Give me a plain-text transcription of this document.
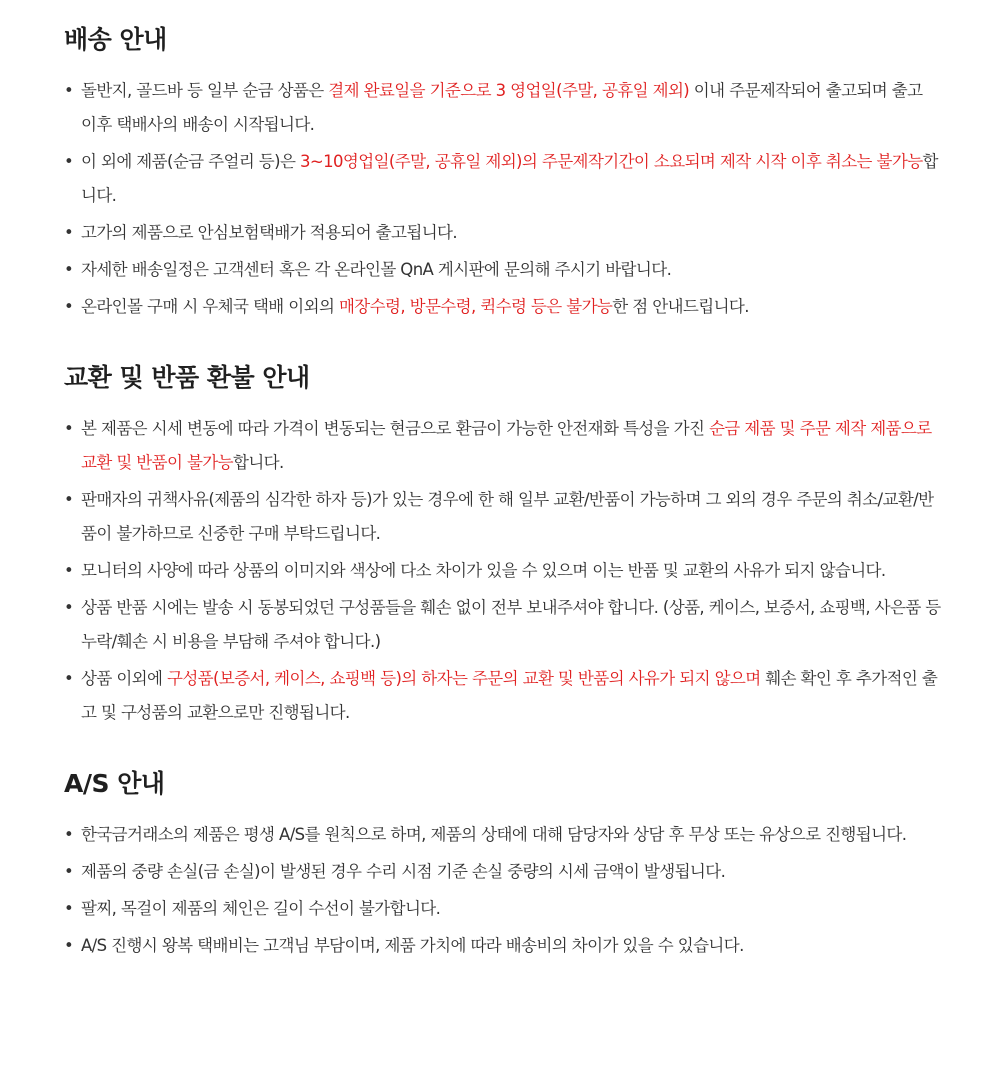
배송 안내
• 돌반지, 골드바 등 일부 순금 상품은 결제 완료일을 기준으로 3 영업일(주말, 공휴일 제외) 이내 주문제작되어 출고되며 출고 이후 택배사의 배송이 시작됩니다.
• 이 외에 제품(순금 주얼리 등)은 3~10영업일(주말, 공휴일 제외)의 주문제작기간이 소요되며 제작 시작 이후 취소는 불가능합니다.
• 고가의 제품으로 안심보험택배가 적용되어 출고됩니다.
• 자세한 배송일정은 고객센터 혹은 각 온라인몰 QnA 게시판에 문의해 주시기 바랍니다.
• 온라인몰 구매 시 우체국 택배 이외의 매장수령, 방문수령, 퀵수령 등은 불가능한 점 안내드립니다.
교환 및 반품 환불 안내
• 본 제품은 시세 변동에 따라 가격이 변동되는 현금으로 환금이 가능한 안전재화 특성을 가진 순금 제품 및 주문 제작 제품으로 교환 및 반품이 불가능합니다.
• 판매자의 귀책사유(제품의 심각한 하자 등)가 있는 경우에 한 해 일부 교환/반품이 가능하며 그 외의 경우 주문의 취소/교환/반품이 불가하므로 신중한 구매 부탁드립니다.
• 모니터의 사양에 따라 상품의 이미지와 색상에 다소 차이가 있을 수 있으며 이는 반품 및 교환의 사유가 되지 않습니다.
• 상품 반품 시에는 발송 시 동봉되었던 구성품들을 훼손 없이 전부 보내주셔야 합니다. (상품, 케이스, 보증서, 쇼핑백, 사은품 등 누락/훼손 시 비용을 부담해 주셔야 합니다.)
• 상품 이외에 구성품(보증서, 케이스, 쇼핑백 등)의 하자는 주문의 교환 및 반품의 사유가 되지 않으며 훼손 확인 후 추가적인 출고 및 구성품의 교환으로만 진행됩니다.
A/S 안내
• 한국금거래소의 제품은 평생 A/S를 원칙으로 하며, 제품의 상태에 대해 담당자와 상담 후 무상 또는 유상으로 진행됩니다.
• 제품의 중량 손실(금 손실)이 발생된 경우 수리 시점 기준 손실 중량의 시세 금액이 발생됩니다.
• 팔찌, 목걸이 제품의 체인은 길이 수선이 불가합니다.
• A/S 진행시 왕복 택배비는 고객님 부담이며, 제품 가치에 따라 배송비의 차이가 있을 수 있습니다.
